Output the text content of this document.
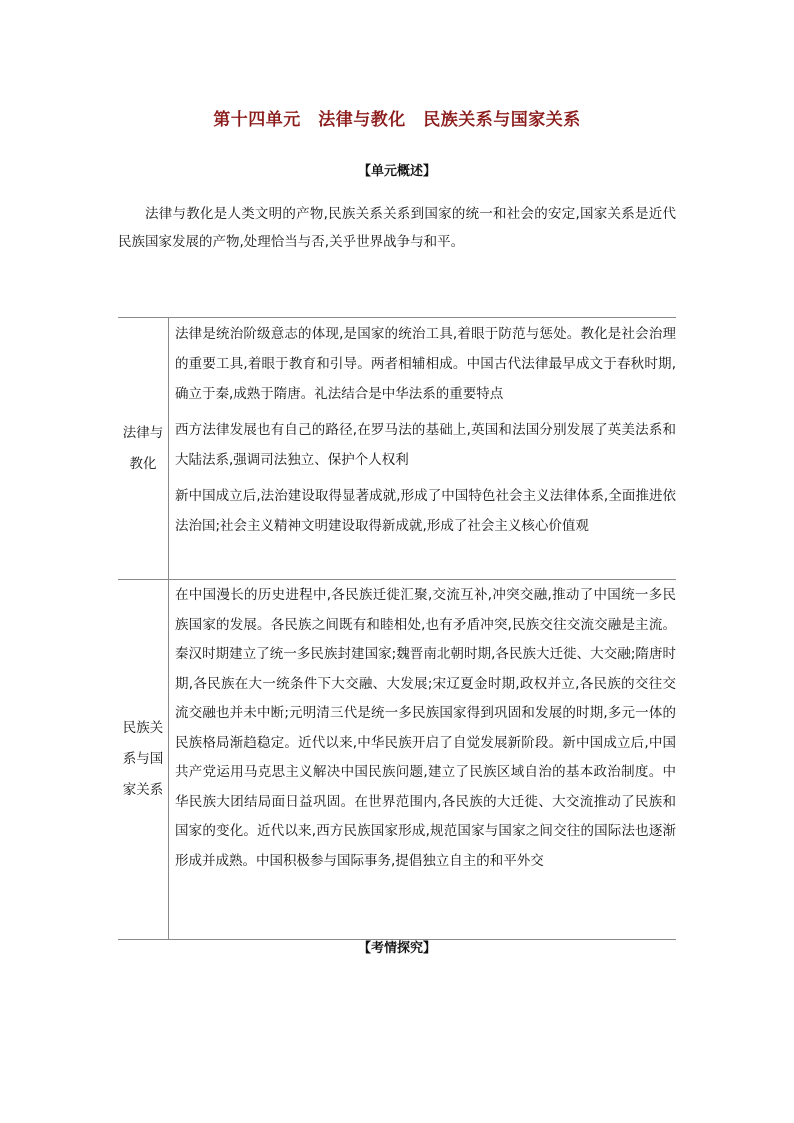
第十四单元　法律与教化　民族关系与国家关系
【单元概述】

法律与教化是人类文明的产物,民族关系关系到国家的统一和社会的安定,国家关系是近代民族国家发展的产物,处理恰当与否,关乎世界战争与和平。

法律与教化	法律是统治阶级意志的体现,是国家的统治工具,着眼于防范与惩处。教化是社会治理的重要工具,着眼于教育和引导。两者相辅相成。中国古代法律最早成文于春秋时期,确立于秦,成熟于隋唐。礼法结合是中华法系的重要特点

西方法律发展也有自己的路径,在罗马法的基础上,英国和法国分别发展了英美法系和大陆法系,强调司法独立、保护个人权利

新中国成立后,法治建设取得显著成就,形成了中国特色社会主义法律体系,全面推进依法治国;社会主义精神文明建设取得新成就,形成了社会主义核心价值观

民族关系与国家关系	在中国漫长的历史进程中,各民族迁徙汇聚,交流互补,冲突交融,推动了中国统一多民族国家的发展。各民族之间既有和睦相处,也有矛盾冲突,民族交往交流交融是主流。秦汉时期建立了统一多民族封建国家;魏晋南北朝时期,各民族大迁徙、大交融;隋唐时期,各民族在大一统条件下大交融、大发展;宋辽夏金时期,政权并立,各民族的交往交流交融也并未中断;元明清三代是统一多民族国家得到巩固和发展的时期,多元一体的民族格局渐趋稳定。近代以来,中华民族开启了自觉发展新阶段。新中国成立后,中国共产党运用马克思主义解决中国民族问题,建立了民族区域自治的基本政治制度。中华民族大团结局面日益巩固。在世界范围内,各民族的大迁徙、大交流推动了民族和国家的变化。近代以来,西方民族国家形成,规范国家与国家之间交往的国际法也逐渐形成并成熟。中国积极参与国际事务,提倡独立自主的和平外交

【考情探究】
